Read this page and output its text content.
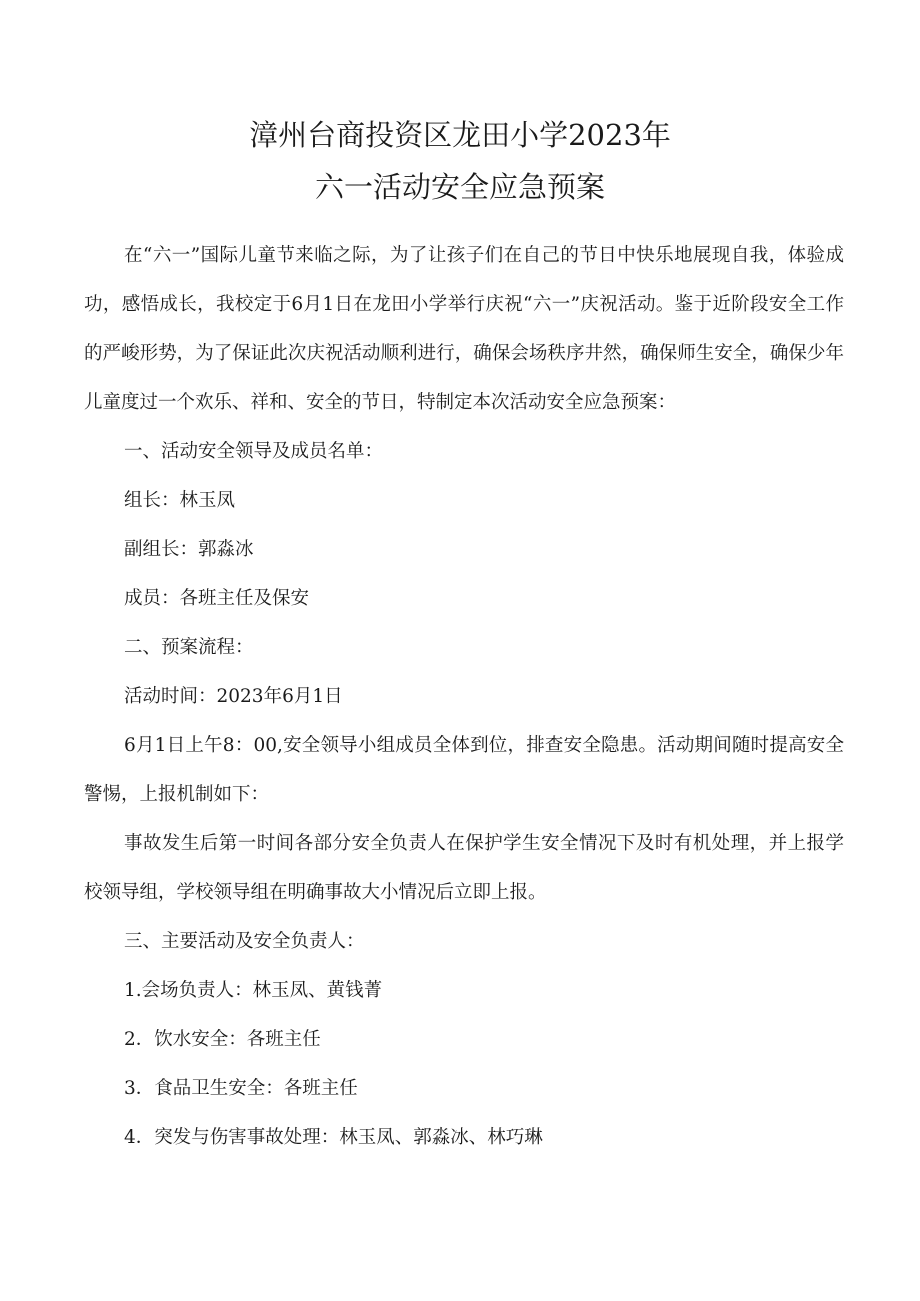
漳州台商投资区龙田小学2023年
六一活动安全应急预案

在“六一”国际儿童节来临之际，为了让孩子们在自己的节日中快乐地展现自我，体验成功，感悟成长，我校定于6月1日在龙田小学举行庆祝“六一”庆祝活动。鉴于近阶段安全工作的严峻形势，为了保证此次庆祝活动顺利进行，确保会场秩序井然，确保师生安全，确保少年儿童度过一个欢乐、祥和、安全的节日，特制定本次活动安全应急预案：

一、活动安全领导及成员名单：

组长：林玉凤

副组长：郭淼冰

成员：各班主任及保安

二、预案流程：

活动时间：2023年6月1日

6月1日上午8：00,安全领导小组成员全体到位，排查安全隐患。活动期间随时提高安全警惕，上报机制如下：

事故发生后第一时间各部分安全负责人在保护学生安全情况下及时有机处理，并上报学校领导组，学校领导组在明确事故大小情况后立即上报。

三、主要活动及安全负责人：

1.会场负责人：林玉凤、黄钱菁

2．饮水安全：各班主任

3．食品卫生安全：各班主任

4．突发与伤害事故处理：林玉凤、郭淼冰、林巧琳
